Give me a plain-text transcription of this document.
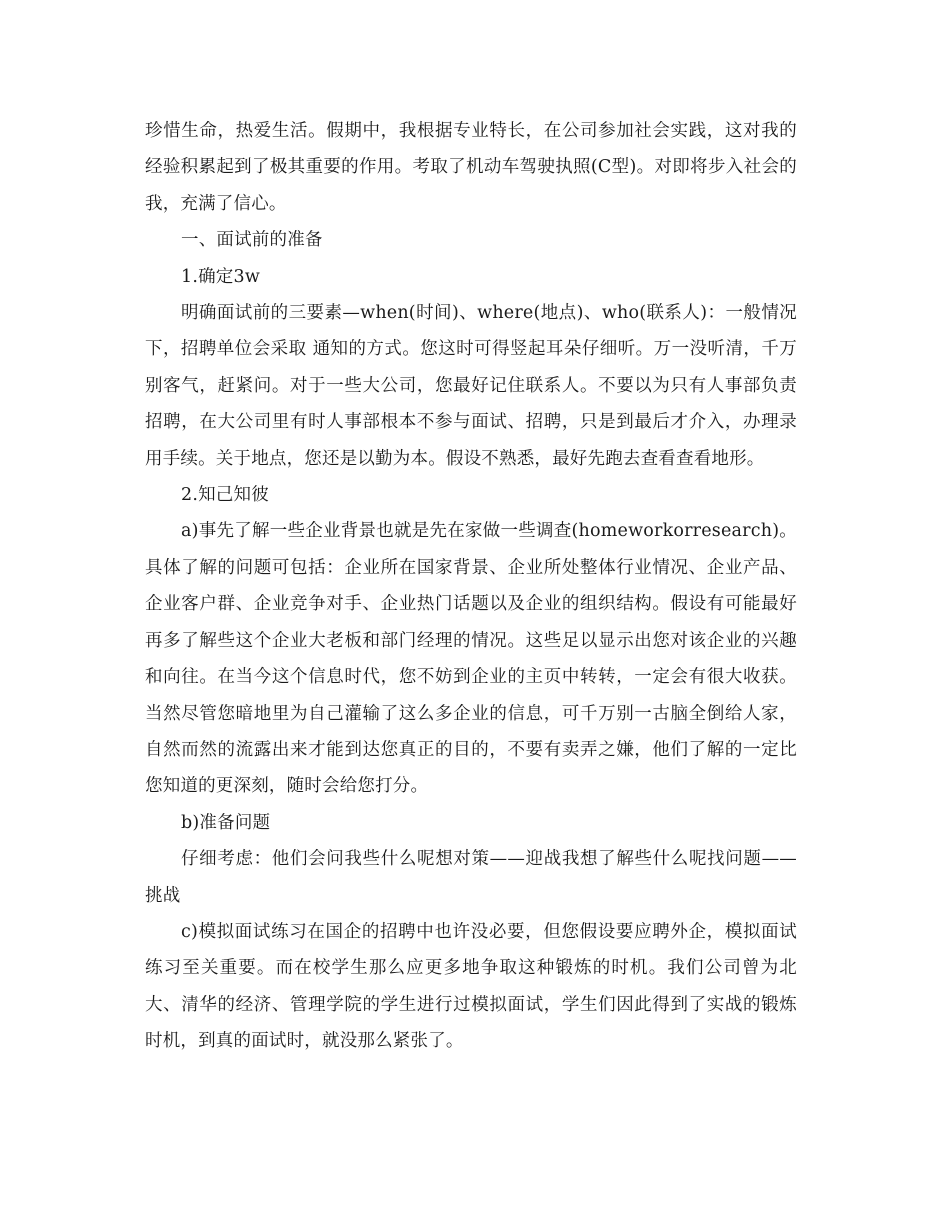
珍惜生命，热爱生活。假期中，我根据专业特长，在公司参加社会实践，这对我的经验积累起到了极其重要的作用。考取了机动车驾驶执照(C型)。对即将步入社会的我，充满了信心。

一、面试前的准备

1.确定3w

明确面试前的三要素—when(时间)、where(地点)、who(联系人)：一般情况下，招聘单位会采取 通知的方式。您这时可得竖起耳朵仔细听。万一没听清，千万别客气，赶紧问。对于一些大公司，您最好记住联系人。不要以为只有人事部负责招聘，在大公司里有时人事部根本不参与面试、招聘，只是到最后才介入，办理录用手续。关于地点，您还是以勤为本。假设不熟悉，最好先跑去查看查看地形。

2.知己知彼

a)事先了解一些企业背景也就是先在家做一些调查(homeworkorresearch)。具体了解的问题可包括：企业所在国家背景、企业所处整体行业情况、企业产品、企业客户群、企业竞争对手、企业热门话题以及企业的组织结构。假设有可能最好再多了解些这个企业大老板和部门经理的情况。这些足以显示出您对该企业的兴趣和向往。在当今这个信息时代，您不妨到企业的主页中转转，一定会有很大收获。当然尽管您暗地里为自己灌输了这么多企业的信息，可千万别一古脑全倒给人家，自然而然的流露出来才能到达您真正的目的，不要有卖弄之嫌，他们了解的一定比您知道的更深刻，随时会给您打分。

b)准备问题

仔细考虑：他们会问我些什么呢想对策——迎战我想了解些什么呢找问题——挑战

c)模拟面试练习在国企的招聘中也许没必要，但您假设要应聘外企，模拟面试练习至关重要。而在校学生那么应更多地争取这种锻炼的时机。我们公司曾为北大、清华的经济、管理学院的学生进行过模拟面试，学生们因此得到了实战的锻炼时机，到真的面试时，就没那么紧张了。
